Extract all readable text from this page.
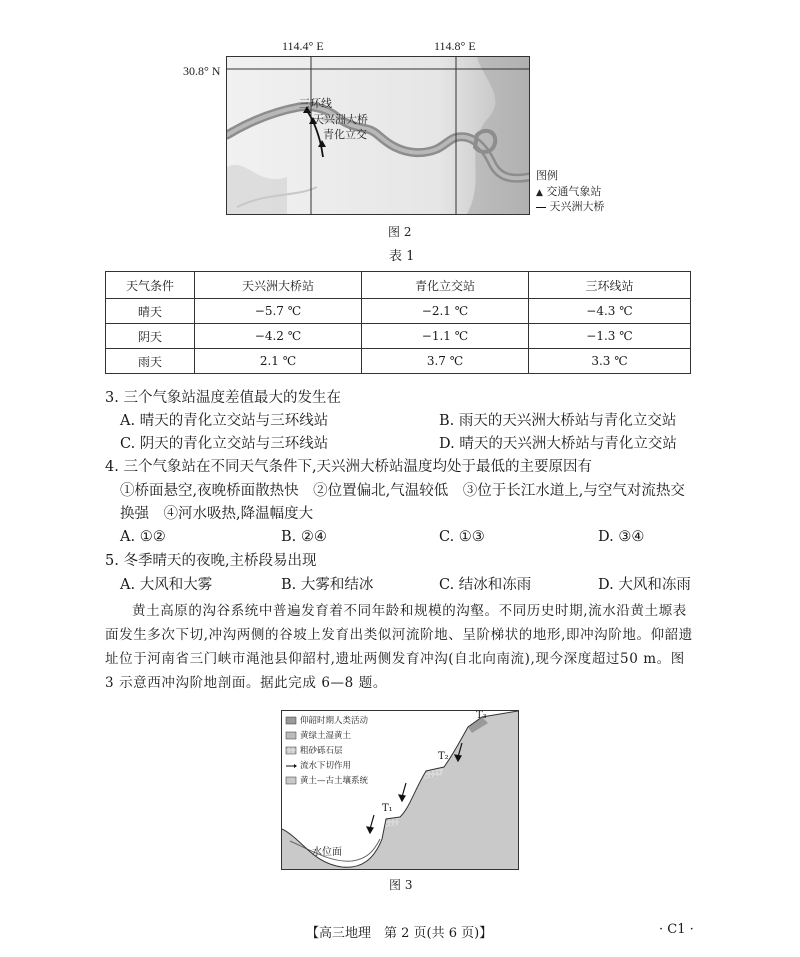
114.4° E	114.8° E
30.8° N
三环线
天兴洲大桥
青化立交
图例
▲ 交通气象站
天兴洲大桥
图 2
表 1
天气条件	天兴洲大桥站	青化立交站	三环线站
晴天	−5.7 ℃	−2.1 ℃	−4.3 ℃
阴天	−4.2 ℃	−1.1 ℃	−1.3 ℃
雨天	2.1 ℃	3.7 ℃	3.3 ℃
3. 三个气象站温度差值最大的发生在
A. 晴天的青化立交站与三环线站	B. 雨天的天兴洲大桥站与青化立交站
C. 阴天的青化立交站与三环线站	D. 晴天的天兴洲大桥站与青化立交站
4. 三个气象站在不同天气条件下,天兴洲大桥站温度均处于最低的主要原因有
①桥面悬空,夜晚桥面散热快　②位置偏北,气温较低　③位于长江水道上,与空气对流热交
换强　④河水吸热,降温幅度大
A. ①②	B. ②④	C. ①③	D. ③④
5. 冬季晴天的夜晚,主桥段易出现
A. 大风和大雾	B. 大雾和结冰	C. 结冰和冻雨	D. 大风和冻雨

黄土高原的沟谷系统中普遍发育着不同年龄和规模的沟壑。不同历史时期,流水沿黄土塬表面发生多次下切,冲沟两侧的谷坡上发育出类似河流阶地、呈阶梯状的地形,即冲沟阶地。仰韶遗址位于河南省三门峡市渑池县仰韶村,遗址两侧发育冲沟(自北向南流),现今深度超过50 m。图 3 示意西冲沟阶地剖面。据此完成 6—8 题。

仰韶时期人类活动
黄绿土湿黄土
粗砂砾石层
流水下切作用
黄土—古土壤系统
T₃
T₂
T₁
水位面
图 3
【高三地理　第 2 页(共 6 页)】	· C1 ·
